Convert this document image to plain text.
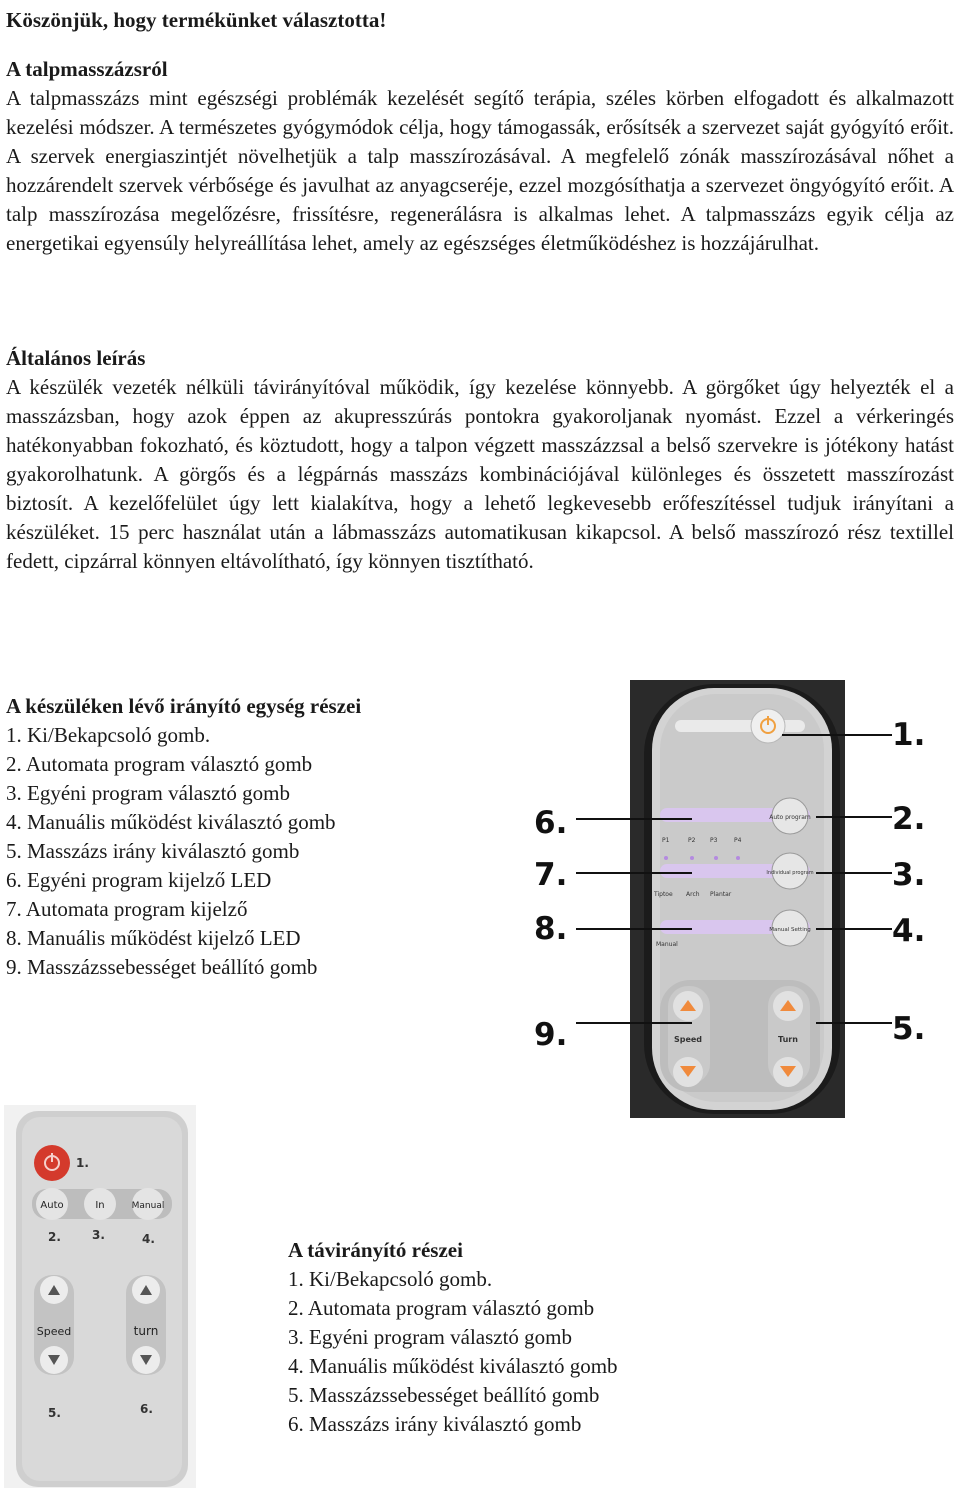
Köszönjük, hogy termékünket választotta!
A talpmasszázsról
A talpmasszázs mint egészségi problémák kezelését segítő terápia, széles körben elfogadott és alkalmazott kezelési módszer. A természetes gyógymódok célja, hogy támogassák, erősítsék a szervezet saját gyógyító erőit. A szervek energiaszintjét növelhetjük a talp masszírozásával. A megfelelő zónák masszírozásával nőhet a hozzárendelt szervek vérbősége és javulhat az anyagcseréje, ezzel mozgósíthatja a szervezet öngyógyító erőit. A talp masszírozása megelőzésre, frissítésre, regenerálásra is alkalmas lehet. A talpmasszázs egyik célja az energetikai egyensúly helyreállítása lehet, amely az egészséges életműködéshez is hozzájárulhat.
Általános leírás
A készülék vezeték nélküli távirányítóval működik, így kezelése könnyebb. A görgőket úgy helyezték el a masszázsban, hogy azok éppen az akupresszúrás pontokra gyakoroljanak nyomást. Ezzel a vérkeringés hatékonyabban fokozható, és köztudott, hogy a talpon végzett masszázzsal a belső szervekre is jótékony hatást gyakorolhatunk. A görgős és a légpárnás masszázs kombinációjával különleges és összetett masszírozást biztosít. A kezelőfelület úgy lett kialakítva, hogy a lehető legkevesebb erőfeszítéssel tudjuk irányítani a készüléket. 15 perc használat után a lábmasszázs automatikusan kikapcsol. A belső masszírozó rész textillel fedett, cipzárral könnyen eltávolítható, így könnyen tisztítható.
A készüléken lévő irányító egység részei
1. Ki/Bekapcsoló gomb.
2. Automata program választó gomb
3. Egyéni program választó gomb
4. Manuális működést kiválasztó gomb
5. Masszázs irány kiválasztó gomb
6. Egyéni program kijelző LED
7. Automata program kijelző
8. Manuális működést kijelző LED
9. Masszázssebességet beállító gomb
Auto program
P1	P2 P3	P4
Individual program
Tiptoe Arch Plantar
Manual Setting
Manual
Speed	Turn
1.
2.
3.
4.
5.
6.
7.
8.
9.
1.
Auto	In	Manual
2.	3.	4.
Speed	turn
5.	6.
A távirányító részei
1. Ki/Bekapcsoló gomb.
2. Automata program választó gomb
3. Egyéni program választó gomb
4. Manuális működést kiválasztó gomb
5. Masszázssebességet beállító gomb
6. Masszázs irány kiválasztó gomb
